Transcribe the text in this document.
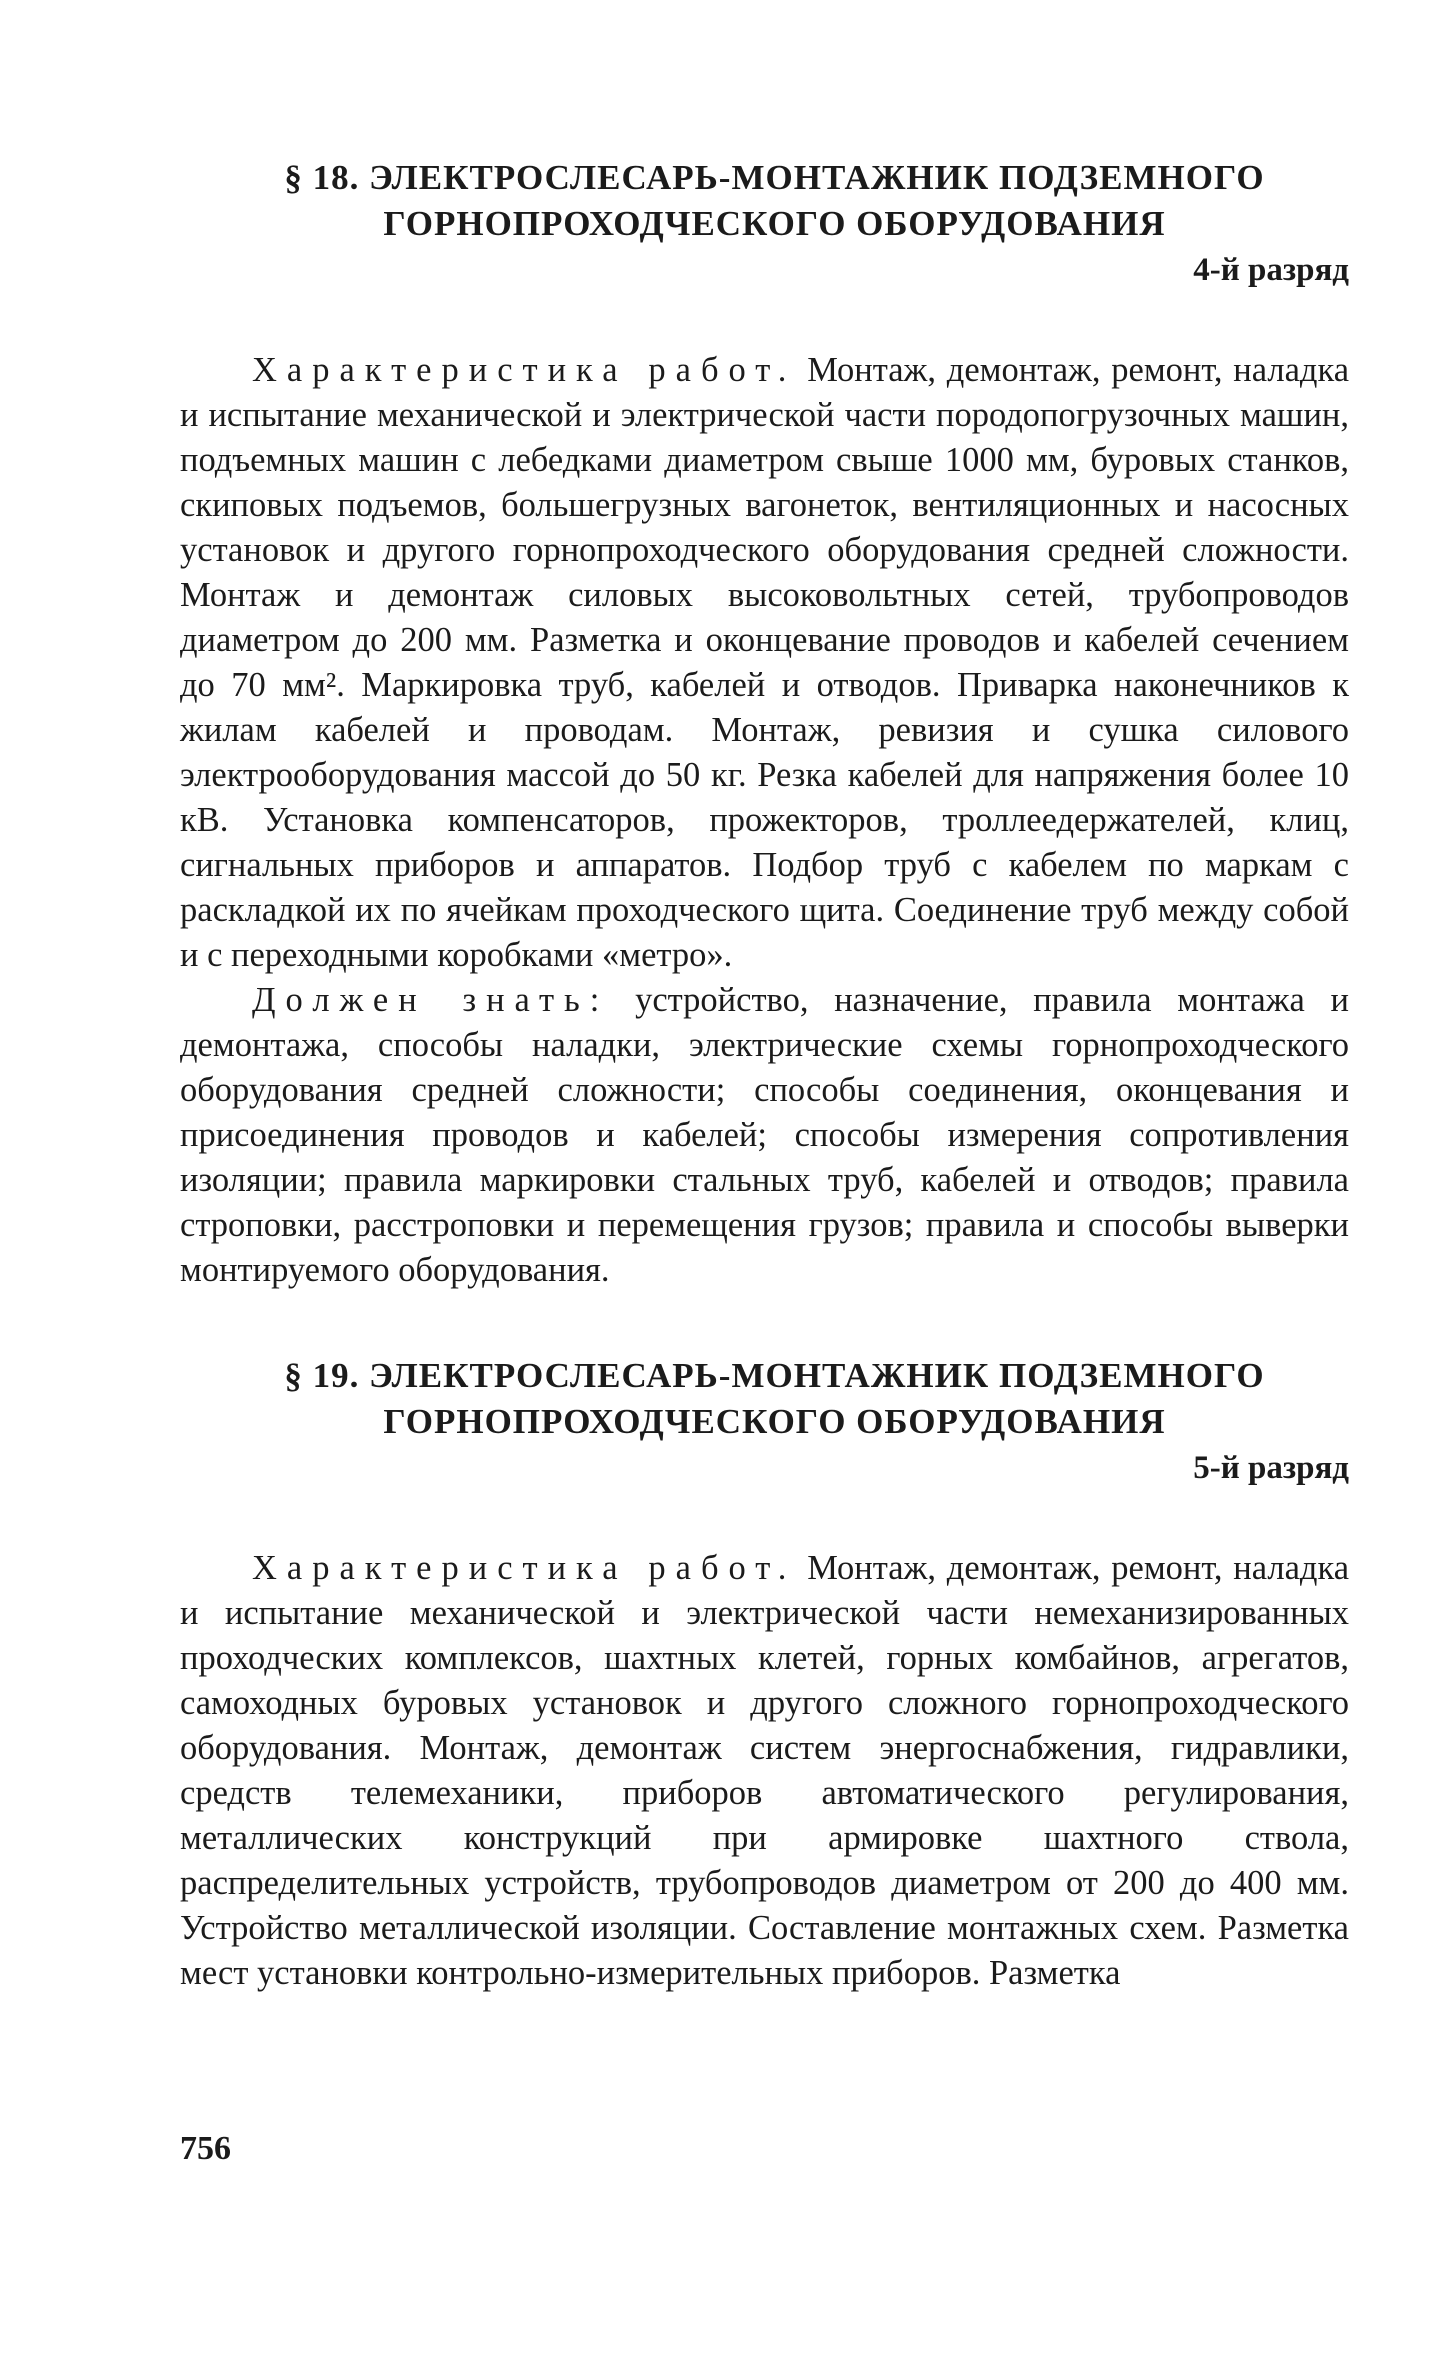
§ 18. ЭЛЕКТРОСЛЕСАРЬ-МОНТАЖНИК ПОДЗЕМНОГО
ГОРНОПРОХОДЧЕСКОГО ОБОРУДОВАНИЯ
4-й разряд

Характеристика работ. Монтаж, демонтаж, ремонт, наладка и испытание механической и электрической части породопогрузочных машин, подъемных машин с лебедками диаметром свыше 1000 мм, буровых станков, скиповых подъемов, большегрузных вагонеток, вентиляционных и насосных установок и другого горнопроходческого оборудования средней сложности. Монтаж и демонтаж силовых высоковольтных сетей, трубопроводов диаметром до 200 мм. Разметка и оконцевание проводов и кабелей сечением до 70 мм². Маркировка труб, кабелей и отводов. Приварка наконечников к жилам кабелей и проводам. Монтаж, ревизия и сушка силового электрооборудования массой до 50 кг. Резка кабелей для напряжения более 10 кВ. Установка компенсаторов, прожекторов, троллеедержателей, клиц, сигнальных приборов и аппаратов. Подбор труб с кабелем по маркам с раскладкой их по ячейкам проходческого щита. Соединение труб между собой и с переходными коробками «метро».

Должен знать: устройство, назначение, правила монтажа и демонтажа, способы наладки, электрические схемы горнопроходческого оборудования средней сложности; способы соединения, оконцевания и присоединения проводов и кабелей; способы измерения сопротивления изоляции; правила маркировки стальных труб, кабелей и отводов; правила строповки, расстроповки и перемещения грузов; правила и способы выверки монтируемого оборудования.

§ 19. ЭЛЕКТРОСЛЕСАРЬ-МОНТАЖНИК ПОДЗЕМНОГО
ГОРНОПРОХОДЧЕСКОГО ОБОРУДОВАНИЯ
5-й разряд

Характеристика работ. Монтаж, демонтаж, ремонт, наладка и испытание механической и электрической части немеханизированных проходческих комплексов, шахтных клетей, горных комбайнов, агрегатов, самоходных буровых установок и другого сложного горнопроходческого оборудования. Монтаж, демонтаж систем энергоснабжения, гидравлики, средств телемеханики, приборов автоматического регулирования, металлических конструкций при армировке шахтного ствола, распределительных устройств, трубопроводов диаметром от 200 до 400 мм. Устройство металлической изоляции. Составление монтажных схем. Разметка мест установки контрольно-измерительных приборов. Разметка

756
